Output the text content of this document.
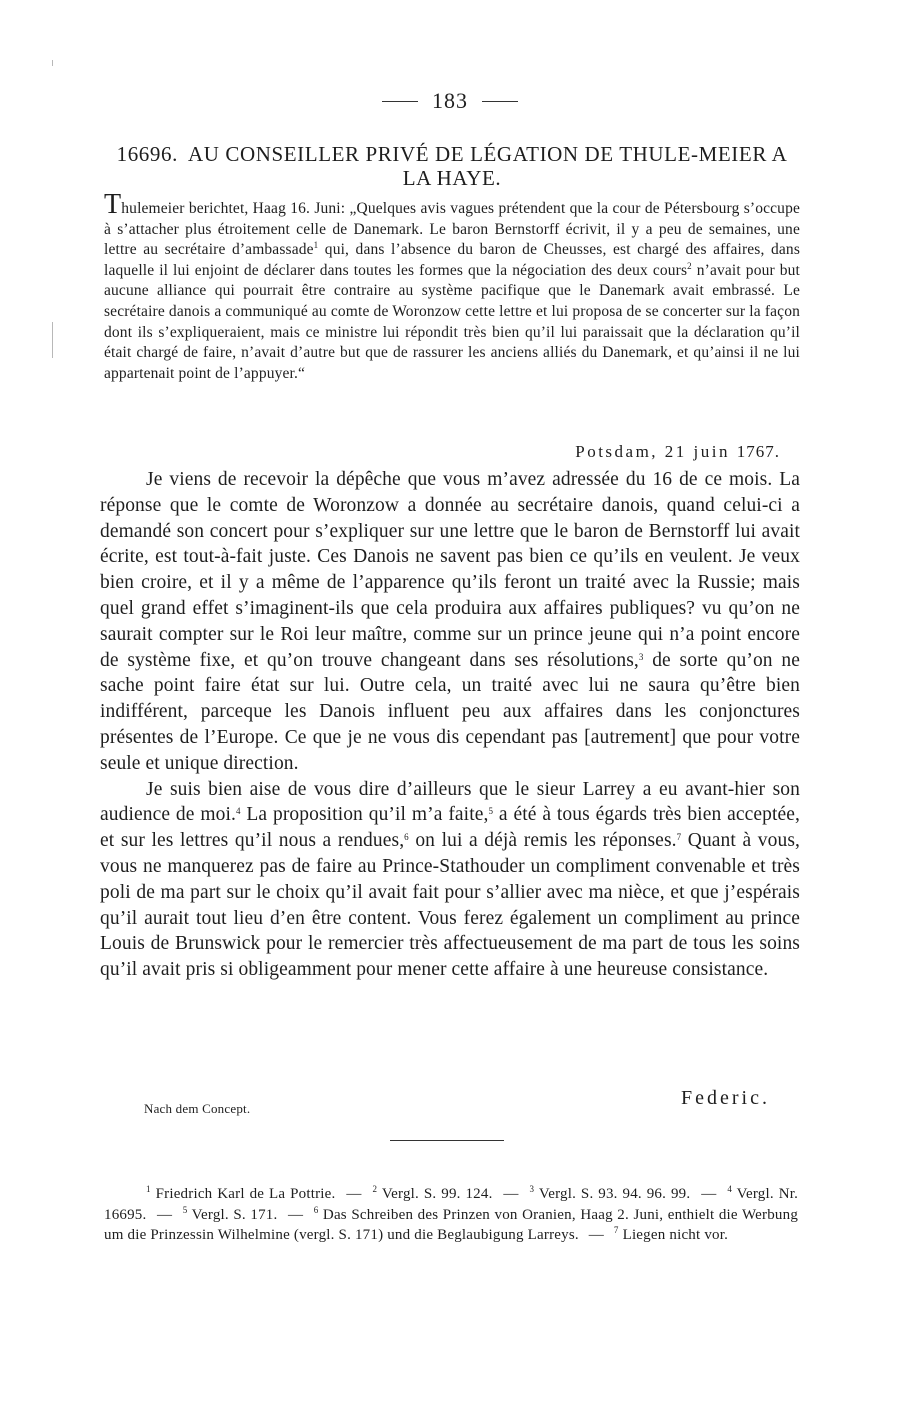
183
16696. AU CONSEILLER PRIVÉ DE LÉGATION DE THULE-MEIER A LA HAYE.
Thulemeier berichtet, Haag 16. Juni: „Quelques avis vagues prétendent que la cour de Pétersbourg s’occupe à s’attacher plus étroitement celle de Danemark. Le baron Bernstorff écrivit, il y a peu de semaines, une lettre au secrétaire d’ambassade$^1$ qui, dans l’absence du baron de Cheusses, est chargé des affaires, dans laquelle il lui enjoint de déclarer dans toutes les formes que la négociation des deux cours$^2$ n’avait pour but aucune alliance qui pourrait être contraire au système pacifique que le Danemark avait embrassé. Le secrétaire danois a communiqué au comte de Woronzow cette lettre et lui proposa de se concerter sur la façon dont ils s’expliqueraient, mais ce ministre lui répondit très bien qu’il lui paraissait que la déclaration qu’il était chargé de faire, n’avait d’autre but que de rassurer les anciens alliés du Danemark, et qu’ainsi il ne lui appartenait point de l’appuyer.“
Potsdam, 21 juin 1767.

Je viens de recevoir la dépêche que vous m’avez adressée du 16 de ce mois. La réponse que le comte de Woronzow a donnée au secrétaire danois, quand celui-ci a demandé son concert pour s’expliquer sur une lettre que le baron de Bernstorff lui avait écrite, est tout-à-fait juste. Ces Danois ne savent pas bien ce qu’ils en veulent. Je veux bien croire, et il y a même de l’apparence qu’ils feront un traité avec la Russie; mais quel grand effet s’imaginent-ils que cela produira aux affaires publiques? vu qu’on ne saurait compter sur le Roi leur maître, comme sur un prince jeune qui n’a point encore de système fixe, et qu’on trouve changeant dans ses résolutions,$^3$ de sorte qu’on ne sache point faire état sur lui. Outre cela, un traité avec lui ne saura qu’être bien indifférent, parceque les Danois influent peu aux affaires dans les conjonctures présentes de l’Europe. Ce que je ne vous dis cependant pas [autrement] que pour votre seule et unique direction.

Je suis bien aise de vous dire d’ailleurs que le sieur Larrey a eu avant-hier son audience de moi.$^4$ La proposition qu’il m’a faite,$^5$ a été à tous égards très bien acceptée, et sur les lettres qu’il nous a rendues,$^6$ on lui a déjà remis les réponses.$^7$ Quant à vous, vous ne manquerez pas de faire au Prince-Stathouder un compliment convenable et très poli de ma part sur le choix qu’il avait fait pour s’allier avec ma nièce, et que j’espérais qu’il aurait tout lieu d’en être content. Vous ferez également un compliment au prince Louis de Brunswick pour le remercier très affectueusement de ma part de tous les soins qu’il avait pris si obligeamment pour mener cette affaire à une heureuse consistance.

Nach dem Concept.	Federic.

$^1$ Friedrich Karl de La Pottrie. — $^2$ Vergl. S. 99. 124. — $^3$ Vergl. S. 93. 94. 96. 99. — $^4$ Vergl. Nr. 16695. — $^5$ Vergl. S. 171. — $^6$ Das Schreiben des Prinzen von Oranien, Haag 2. Juni, enthielt die Werbung um die Prinzessin Wilhelmine (vergl. S. 171) und die Beglaubigung Larreys. — $^7$ Liegen nicht vor.
